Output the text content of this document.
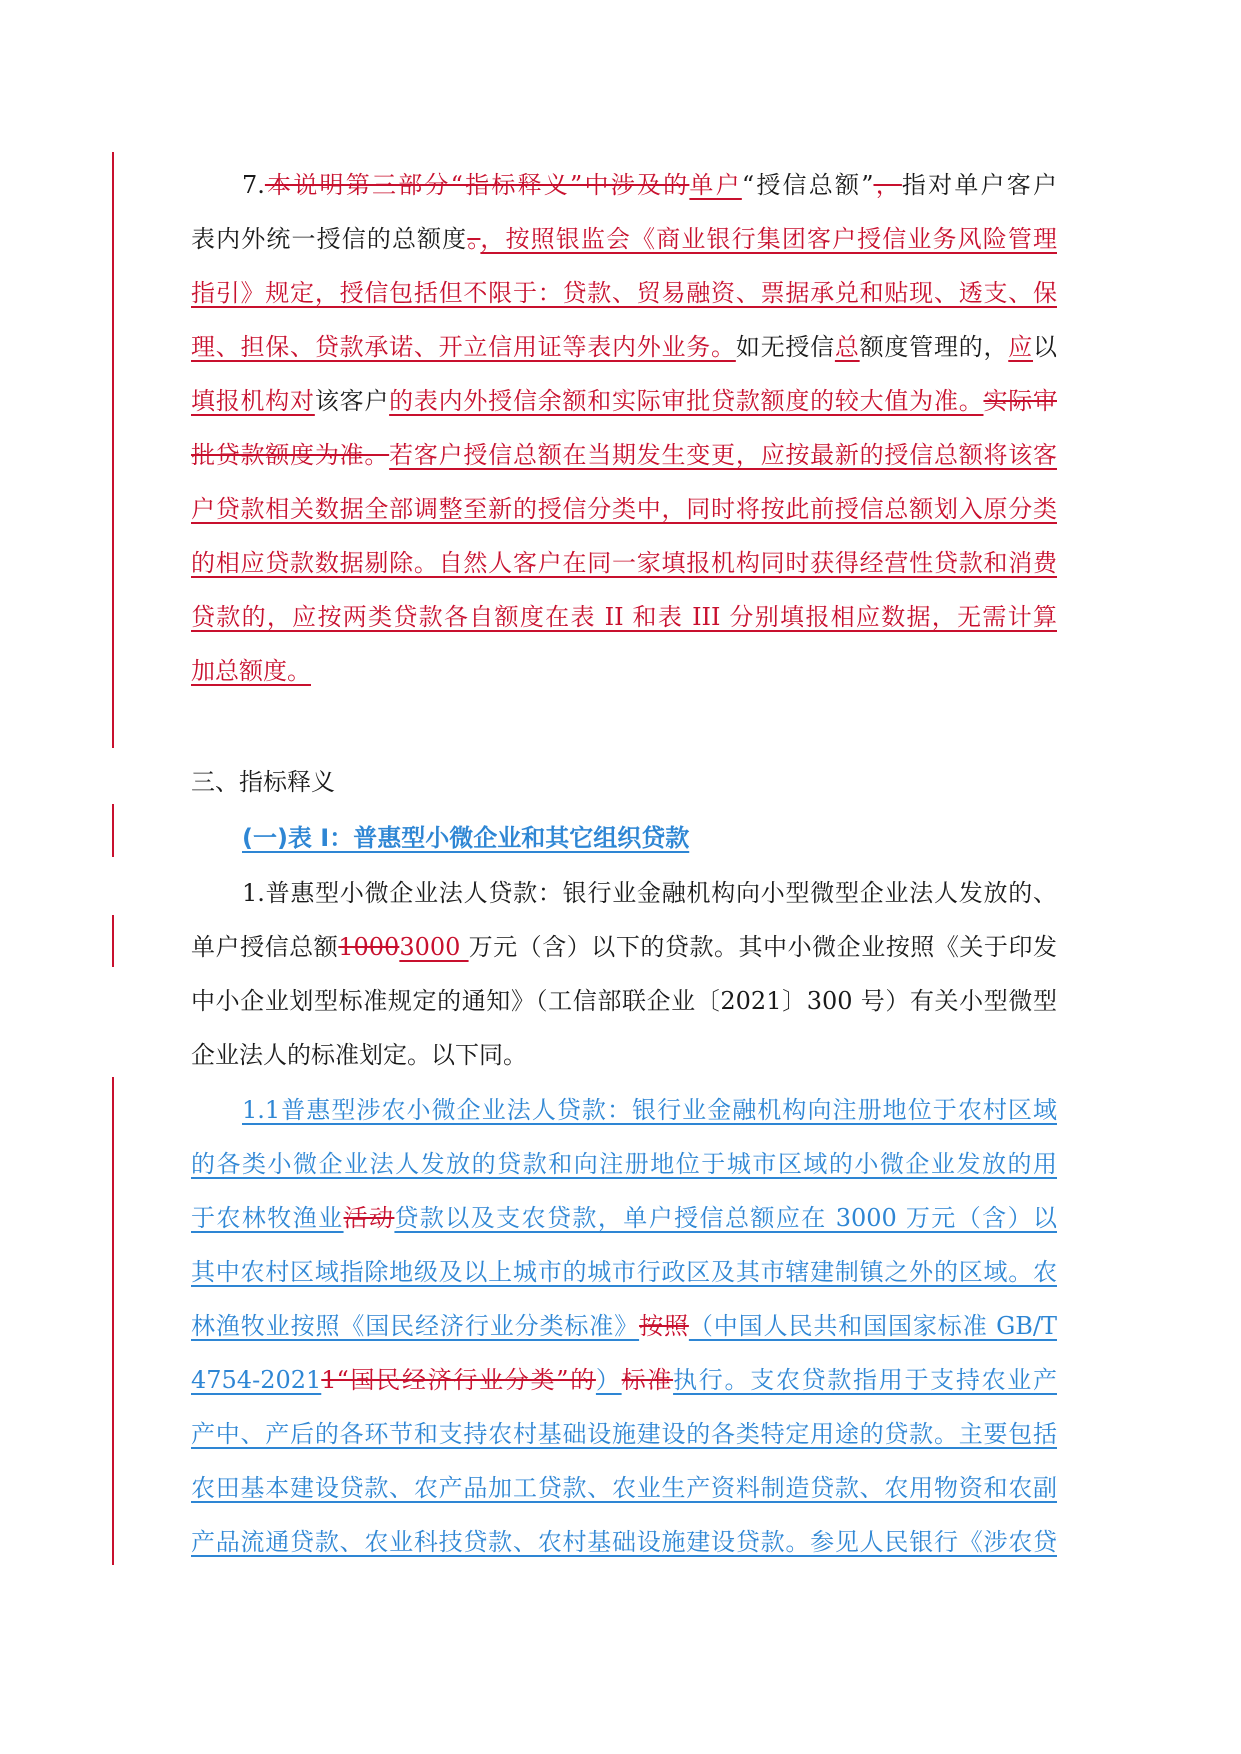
7.本说明第三部分“指标释义”中涉及的单户“授信总额”，指对单户客户
表内外统一授信的总额度。，按照银监会《商业银行集团客户授信业务风险管理
指引》规定，授信包括但不限于：贷款、贸易融资、票据承兑和贴现、透支、保
理、担保、贷款承诺、开立信用证等表内外业务。如无授信总额度管理的，应以
填报机构对该客户的表内外授信余额和实际审批贷款额度的较大值为准。实际审
批贷款额度为准。若客户授信总额在当期发生变更，应按最新的授信总额将该客
户贷款相关数据全部调整至新的授信分类中，同时将按此前授信总额划入原分类
的相应贷款数据剔除。自然人客户在同一家填报机构同时获得经营性贷款和消费
贷款的，应按两类贷款各自额度在表 II 和表 III 分别填报相应数据，无需计算
加总额度。
三、指标释义
(一)表 I：普惠型小微企业和其它组织贷款
1.普惠型小微企业法人贷款：银行业金融机构向小型微型企业法人发放的、
单户授信总额10003000 万元（含）以下的贷款。其中小微企业按照《关于印发
中小企业划型标准规定的通知》（工信部联企业〔2021〕300 号）有关小型微型
企业法人的标准划定。以下同。
1.1普惠型涉农小微企业法人贷款：银行业金融机构向注册地位于农村区域
的各类小微企业法人发放的贷款和向注册地位于城市区域的小微企业发放的用
于农林牧渔业活动贷款以及支农贷款，单户授信总额应在 3000 万元（含）以
其中农村区域指除地级及以上城市的城市行政区及其市辖建制镇之外的区域。农
林渔牧业按照《国民经济行业分类标准》按照（中国人民共和国国家标准 GB/T
4754-20211“国民经济行业分类”的）标准执行。支农贷款指用于支持农业产
产中、产后的各环节和支持农村基础设施建设的各类特定用途的贷款。主要包括
农田基本建设贷款、农产品加工贷款、农业生产资料制造贷款、农用物资和农副
产品流通贷款、农业科技贷款、农村基础设施建设贷款。参见人民银行《涉农贷
